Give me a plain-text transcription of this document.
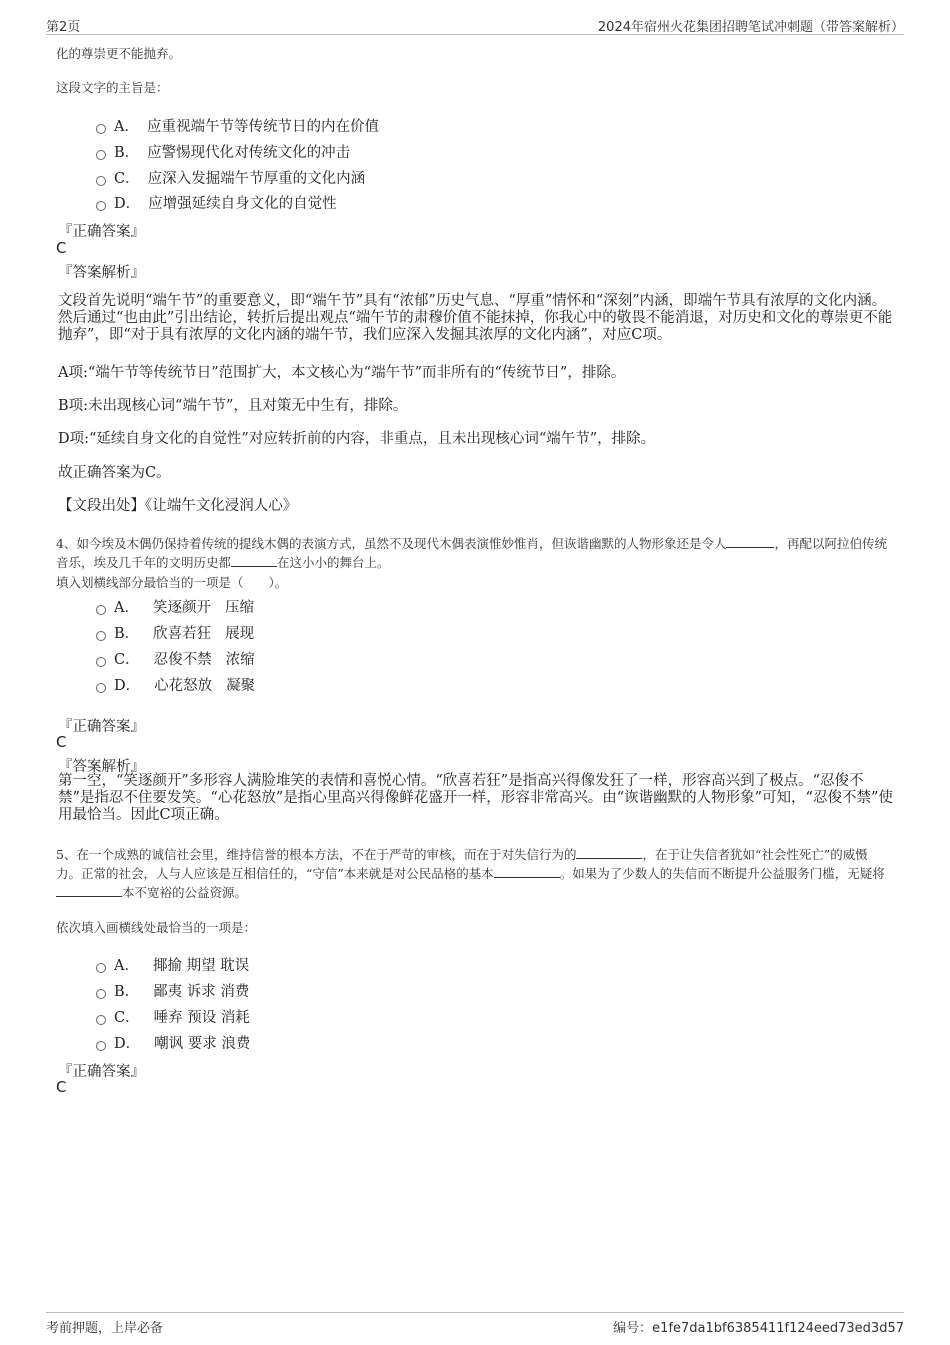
第2页	2024年宿州火花集团招聘笔试冲刺题（带答案解析）
化的尊崇更不能抛弃。
这段文字的主旨是：
A． 应重视端午节等传统节日的内在价值
B． 应警惕现代化对传统文化的冲击
C． 应深入发掘端午节厚重的文化内涵
D． 应增强延续自身文化的自觉性
『正确答案』
C
『答案解析』
文段首先说明“端午节”的重要意义，即“端午节”具有“浓郁”历史气息、“厚重”情怀和“深刻”内涵，即端午节具有浓厚的文化内涵。然后通过“也由此”引出结论，转折后提出观点“端午节的肃穆价值不能抹掉，你我心中的敬畏不能消退，对历史和文化的尊崇更不能抛弃”，即“对于具有浓厚的文化内涵的端午节，我们应深入发掘其浓厚的文化内涵”，对应C项。
A项:“端午节等传统节日”范围扩大，本文核心为“端午节”而非所有的“传统节日”，排除。
B项:未出现核心词“端午节”，且对策无中生有，排除。
D项:“延续自身文化的自觉性”对应转折前的内容，非重点，且未出现核心词“端午节”，排除。
故正确答案为C。
【文段出处】《让端午文化浸润人心》
4、如今埃及木偶仍保持着传统的提线木偶的表演方式，虽然不及现代木偶表演惟妙惟肖，但诙谐幽默的人物形象还是令人	，再配以阿拉伯传统音乐，埃及几千年的文明历史都	在这小小的舞台上。
填入划横线部分最恰当的一项是（　　）。
A． 笑逐颜开 压缩
B． 欣喜若狂 展现
C． 忍俊不禁 浓缩
D． 心花怒放 凝聚
『正确答案』
C
『答案解析』
第一空，“笑逐颜开”多形容人满脸堆笑的表情和喜悦心情。“欣喜若狂”是指高兴得像发狂了一样，形容高兴到了极点。“忍俊不禁”是指忍不住要发笑。“心花怒放”是指心里高兴得像鲜花盛开一样，形容非常高兴。由“诙谐幽默的人物形象”可知，“忍俊不禁”使用最恰当。因此C项正确。
5、在一个成熟的诚信社会里，维持信誉的根本方法，不在于严苛的审核，而在于对失信行为的	，在于让失信者犹如“社会性死亡”的威慑力。正常的社会，人与人应该是互相信任的，“守信”本来就是对公民品格的基本	。如果为了少数人的失信而不断提升公益服务门槛，无疑将本不宽裕的公益资源。
依次填入画横线处最恰当的一项是：
A． 揶揄 期望 耽误
B． 鄙夷 诉求 消费
C． 唾弃 预设 消耗
D． 嘲讽 要求 浪费
『正确答案』
C
考前押题，上岸必备	编号：e1fe7da1bf6385411f124eed73ed3d57
